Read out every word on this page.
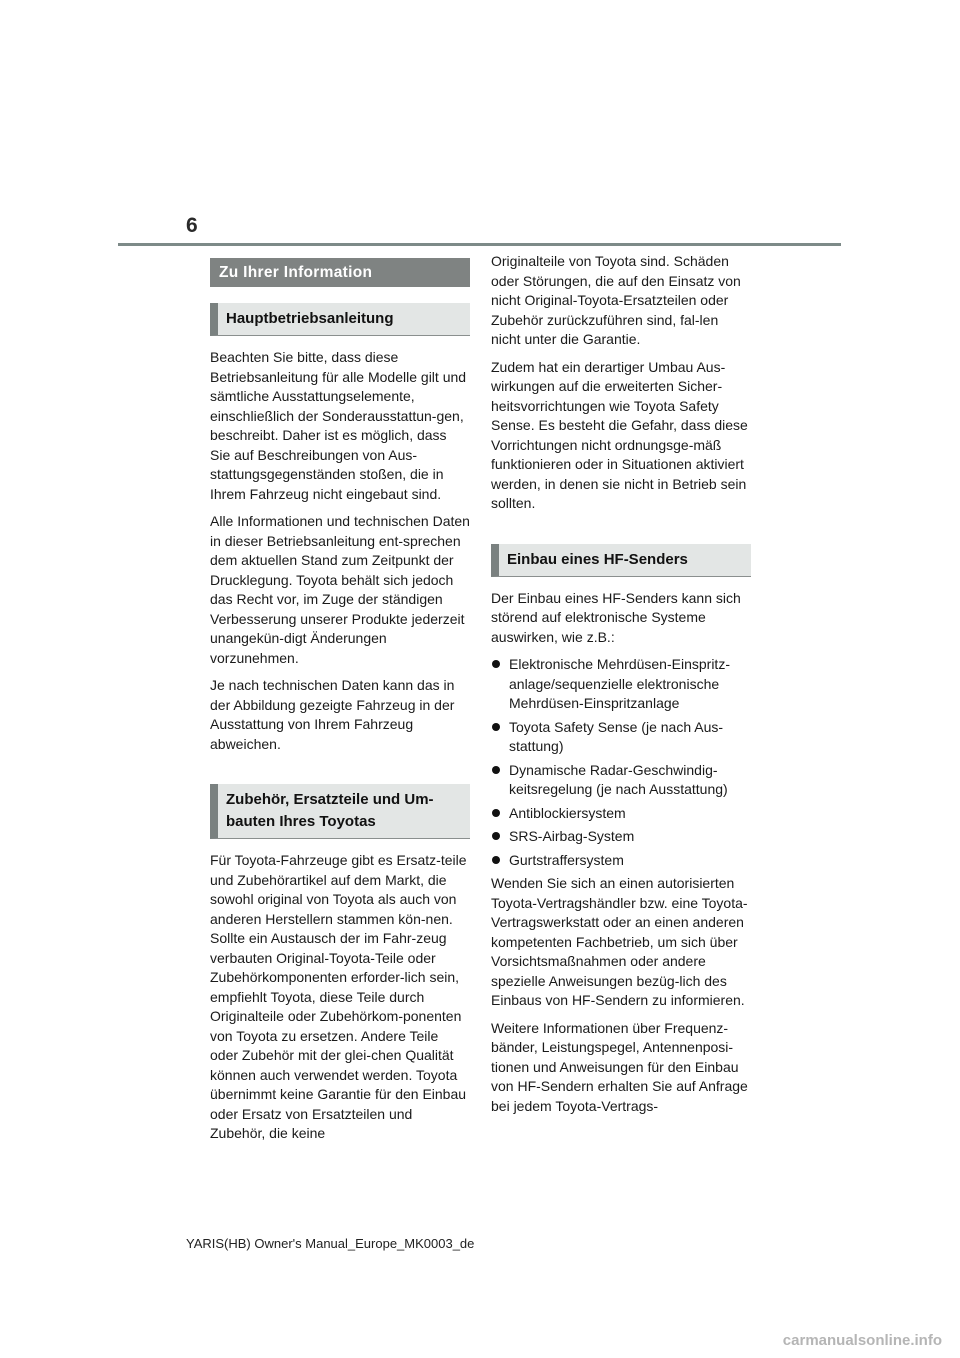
6
Zu Ihrer Information
Hauptbetriebsanleitung

Beachten Sie bitte, dass diese Betriebsanleitung für alle Modelle gilt und sämtliche Ausstattungselemente, einschließlich der Sonderausstattun-gen, beschreibt. Daher ist es möglich, dass Sie auf Beschreibungen von Aus-stattungsgegenständen stoßen, die in Ihrem Fahrzeug nicht eingebaut sind.

Alle Informationen und technischen Daten in dieser Betriebsanleitung ent-sprechen dem aktuellen Stand zum Zeitpunkt der Drucklegung. Toyota behält sich jedoch das Recht vor, im Zuge der ständigen Verbesserung unserer Produkte jederzeit unangekün-digt Änderungen vorzunehmen.

Je nach technischen Daten kann das in der Abbildung gezeigte Fahrzeug in der Ausstattung von Ihrem Fahrzeug abweichen.

Zubehör, Ersatzteile und Um-bauten Ihres Toyotas

Für Toyota-Fahrzeuge gibt es Ersatz-teile und Zubehörartikel auf dem Markt, die sowohl original von Toyota als auch von anderen Herstellern stammen kön-nen. Sollte ein Austausch der im Fahr-zeug verbauten Original-Toyota-Teile oder Zubehörkomponenten erforder-lich sein, empfiehlt Toyota, diese Teile durch Originalteile oder Zubehörkom-ponenten von Toyota zu ersetzen. Andere Teile oder Zubehör mit der glei-chen Qualität können auch verwendet werden. Toyota übernimmt keine Garantie für den Einbau oder Ersatz von Ersatzteilen und Zubehör, die keine

Originalteile von Toyota sind. Schäden oder Störungen, die auf den Einsatz von nicht Original-Toyota-Ersatzteilen oder Zubehör zurückzuführen sind, fal-len nicht unter die Garantie.

Zudem hat ein derartiger Umbau Aus-wirkungen auf die erweiterten Sicher-heitsvorrichtungen wie Toyota Safety Sense. Es besteht die Gefahr, dass diese Vorrichtungen nicht ordnungsge-mäß funktionieren oder in Situationen aktiviert werden, in denen sie nicht in Betrieb sein sollten.

Einbau eines HF-Senders

Der Einbau eines HF-Senders kann sich störend auf elektronische Systeme auswirken, wie z.B.:

Elektronische Mehrdüsen-Einspritz-anlage/sequenzielle elektronische Mehrdüsen-Einspritzanlage
Toyota Safety Sense (je nach Aus-stattung)
Dynamische Radar-Geschwindig-keitsregelung (je nach Ausstattung)
Antiblockiersystem
SRS-Airbag-System
Gurtstraffersystem

Wenden Sie sich an einen autorisierten Toyota-Vertragshändler bzw. eine Toyota-Vertragswerkstatt oder an einen anderen kompetenten Fachbetrieb, um sich über Vorsichtsmaßnahmen oder andere spezielle Anweisungen bezüg-lich des Einbaus von HF-Sendern zu informieren.

Weitere Informationen über Frequenz-bänder, Leistungspegel, Antennenposi-tionen und Anweisungen für den Einbau von HF-Sendern erhalten Sie auf Anfrage bei jedem Toyota-Vertrags-

YARIS(HB) Owner's Manual_Europe_MK0003_de
carmanualsonline.info
